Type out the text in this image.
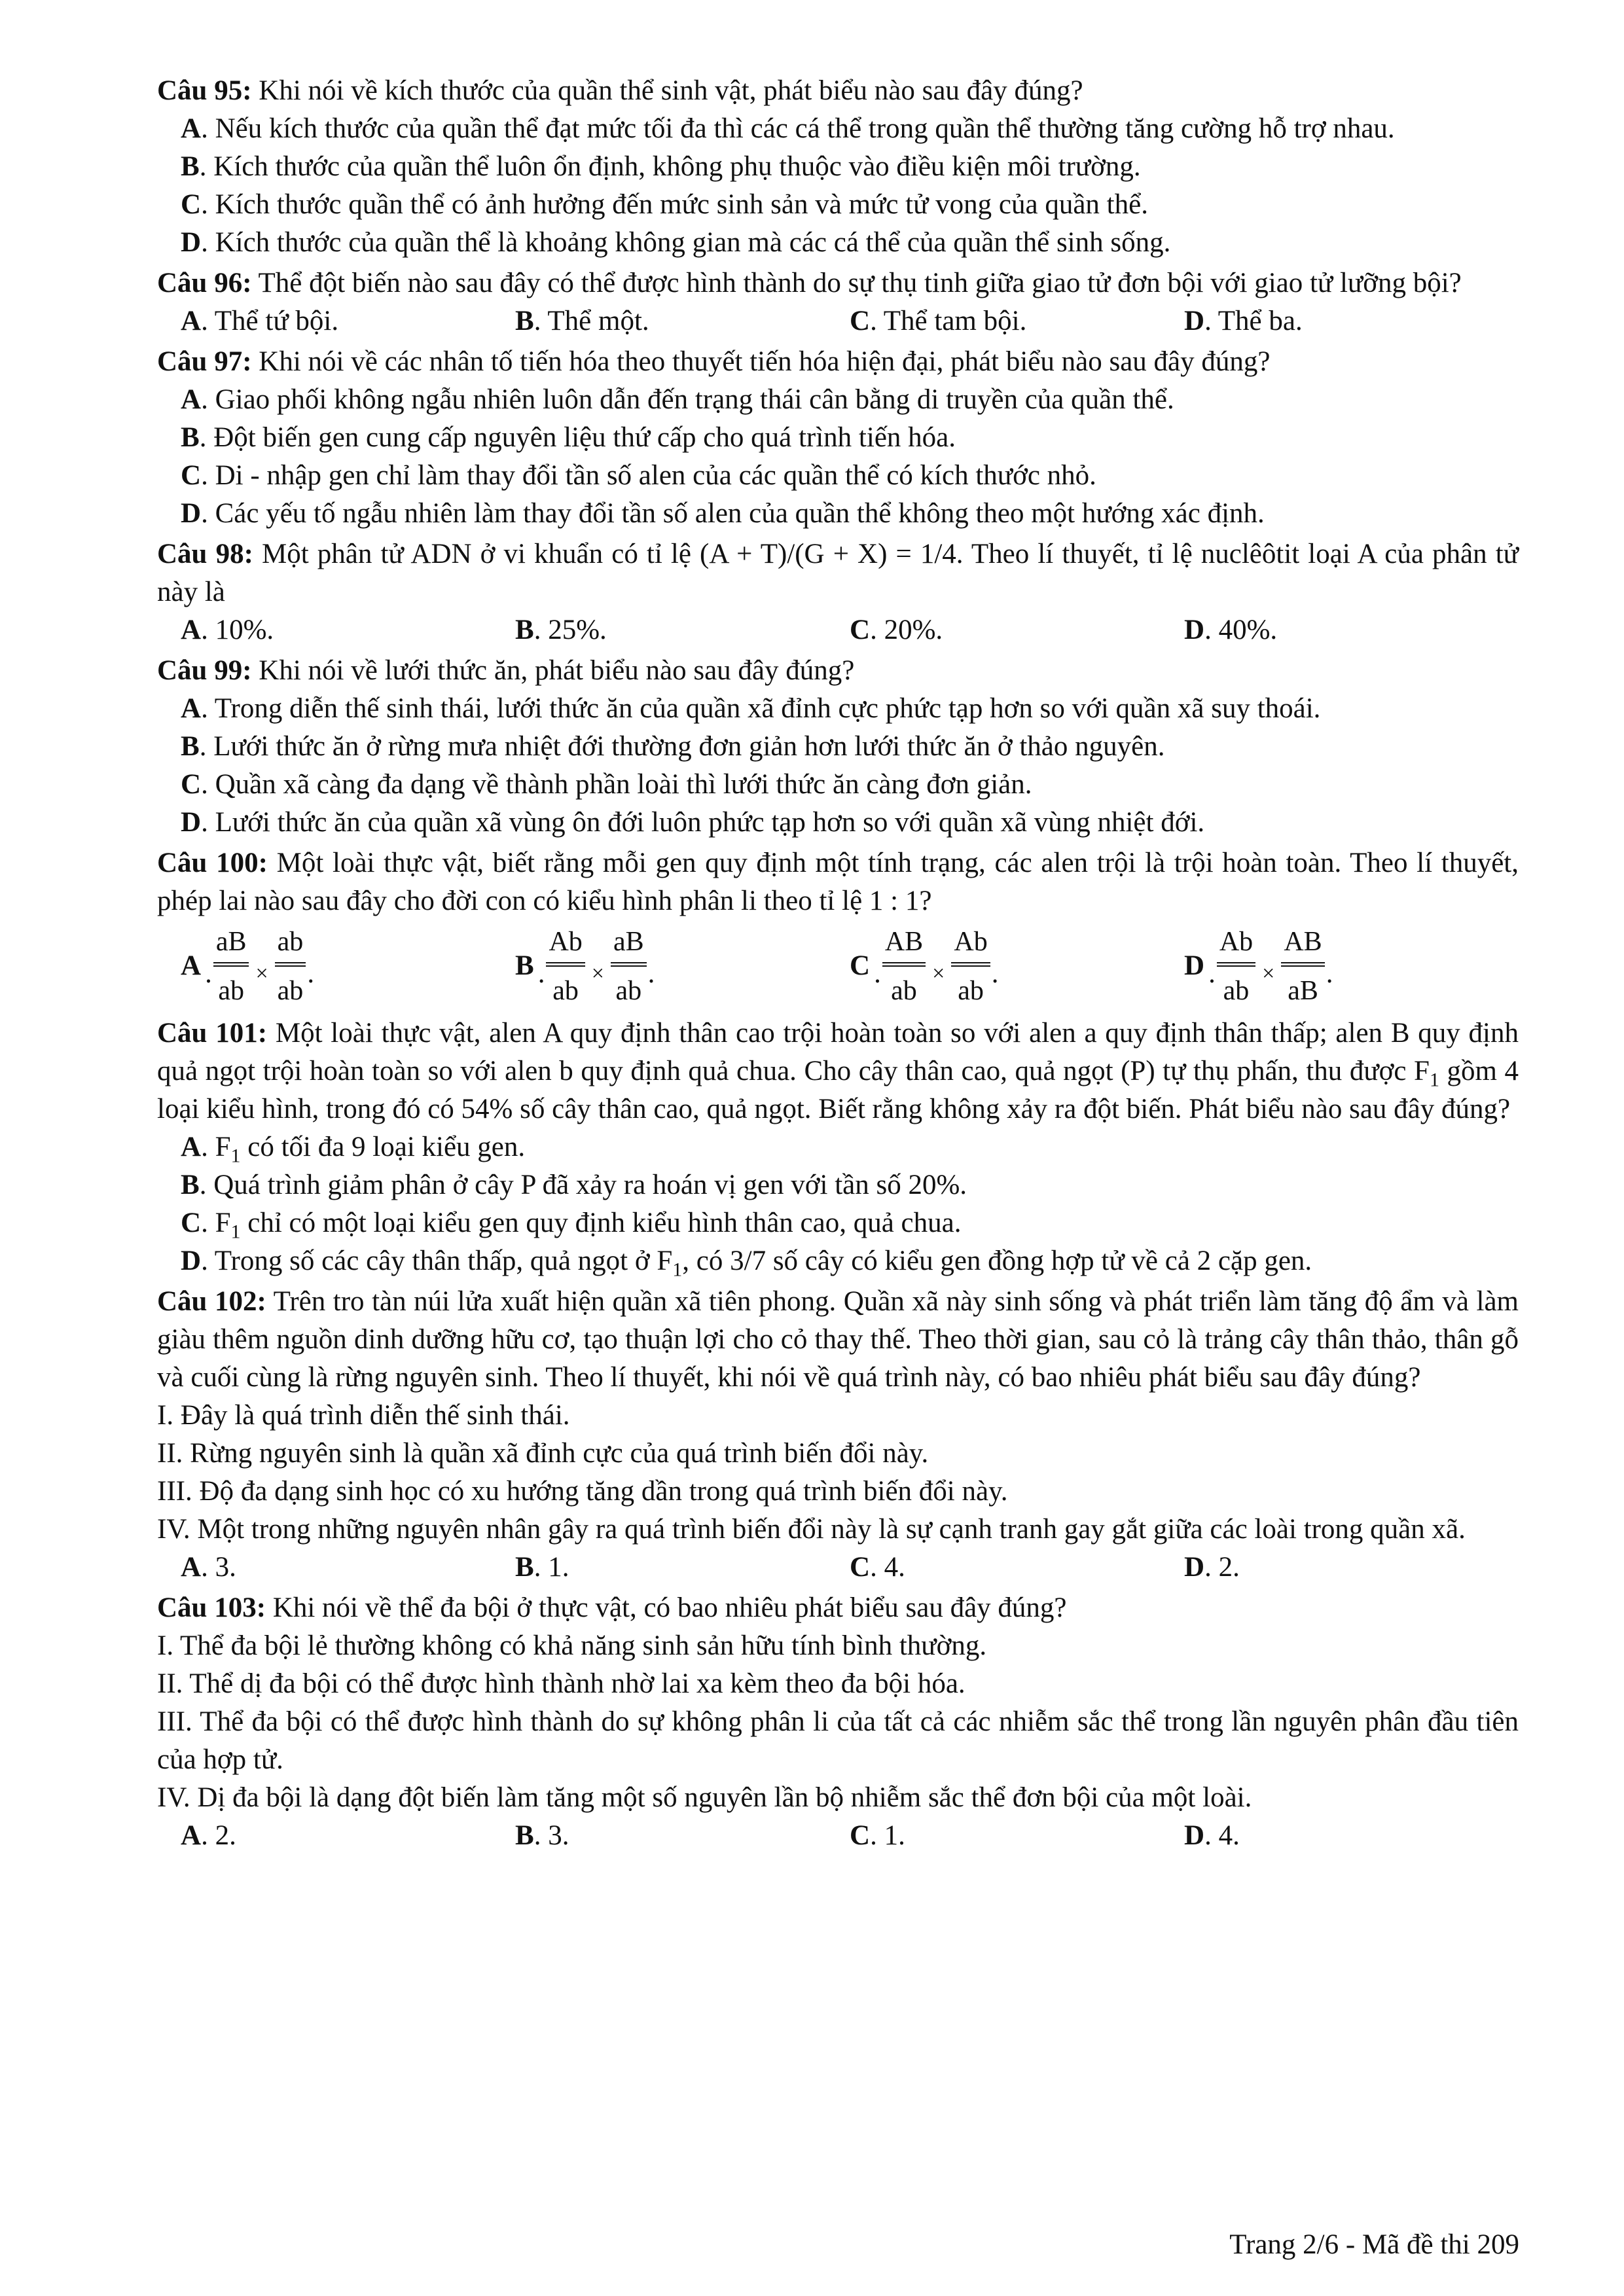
Câu 95: Khi nói về kích thước của quần thể sinh vật, phát biểu nào sau đây đúng?
A. Nếu kích thước của quần thể đạt mức tối đa thì các cá thể trong quần thể thường tăng cường hỗ trợ nhau.
B. Kích thước của quần thể luôn ổn định, không phụ thuộc vào điều kiện môi trường.
C. Kích thước quần thể có ảnh hưởng đến mức sinh sản và mức tử vong của quần thể.
D. Kích thước của quần thể là khoảng không gian mà các cá thể của quần thể sinh sống.
Câu 96: Thể đột biến nào sau đây có thể được hình thành do sự thụ tinh giữa giao tử đơn bội với giao tử lưỡng bội?
A. Thể tứ bội.	B. Thể một.	C. Thể tam bội.	D. Thể ba.
Câu 97: Khi nói về các nhân tố tiến hóa theo thuyết tiến hóa hiện đại, phát biểu nào sau đây đúng?
A. Giao phối không ngẫu nhiên luôn dẫn đến trạng thái cân bằng di truyền của quần thể.
B. Đột biến gen cung cấp nguyên liệu thứ cấp cho quá trình tiến hóa.
C. Di - nhập gen chỉ làm thay đổi tần số alen của các quần thể có kích thước nhỏ.
D. Các yếu tố ngẫu nhiên làm thay đổi tần số alen của quần thể không theo một hướng xác định.
Câu 98: Một phân tử ADN ở vi khuẩn có tỉ lệ (A + T)/(G + X) = 1/4. Theo lí thuyết, tỉ lệ nuclêôtit loại A của phân tử này là
A. 10%.	B. 25%.	C. 20%.	D. 40%.
Câu 99: Khi nói về lưới thức ăn, phát biểu nào sau đây đúng?
A. Trong diễn thế sinh thái, lưới thức ăn của quần xã đỉnh cực phức tạp hơn so với quần xã suy thoái.
B. Lưới thức ăn ở rừng mưa nhiệt đới thường đơn giản hơn lưới thức ăn ở thảo nguyên.
C. Quần xã càng đa dạng về thành phần loài thì lưới thức ăn càng đơn giản.
D. Lưới thức ăn của quần xã vùng ôn đới luôn phức tạp hơn so với quần xã vùng nhiệt đới.
Câu 100: Một loài thực vật, biết rằng mỗi gen quy định một tính trạng, các alen trội là trội hoàn toàn. Theo lí thuyết, phép lai nào sau đây cho đời con có kiểu hình phân li theo tỉ lệ 1 : 1?
A .
aB
ab
×
ab
ab
.	B .
Ab
ab
×
aB
ab
.	C .
AB
ab
×
Ab
ab
.	D .
Ab
ab
×
AB
aB
.
Câu 101: Một loài thực vật, alen A quy định thân cao trội hoàn toàn so với alen a quy định thân thấp; alen B quy định quả ngọt trội hoàn toàn so với alen b quy định quả chua. Cho cây thân cao, quả ngọt (P) tự thụ phấn, thu được $F_1$ gồm 4 loại kiểu hình, trong đó có 54% số cây thân cao, quả ngọt. Biết rằng không xảy ra đột biến. Phát biểu nào sau đây đúng?
A. $F_1$ có tối đa 9 loại kiểu gen.
B. Quá trình giảm phân ở cây P đã xảy ra hoán vị gen với tần số 20%.
C. $F_1$ chỉ có một loại kiểu gen quy định kiểu hình thân cao, quả chua.
D. Trong số các cây thân thấp, quả ngọt ở $F_1$, có 3/7 số cây có kiểu gen đồng hợp tử về cả 2 cặp gen.
Câu 102: Trên tro tàn núi lửa xuất hiện quần xã tiên phong. Quần xã này sinh sống và phát triển làm tăng độ ẩm và làm giàu thêm nguồn dinh dưỡng hữu cơ, tạo thuận lợi cho cỏ thay thế. Theo thời gian, sau cỏ là trảng cây thân thảo, thân gỗ và cuối cùng là rừng nguyên sinh. Theo lí thuyết, khi nói về quá trình này, có bao nhiêu phát biểu sau đây đúng?
I. Đây là quá trình diễn thế sinh thái.
II. Rừng nguyên sinh là quần xã đỉnh cực của quá trình biến đổi này.
III. Độ đa dạng sinh học có xu hướng tăng dần trong quá trình biến đổi này.
IV. Một trong những nguyên nhân gây ra quá trình biến đổi này là sự cạnh tranh gay gắt giữa các loài trong quần xã.
A. 3.	B. 1.	C. 4.	D. 2.
Câu 103: Khi nói về thể đa bội ở thực vật, có bao nhiêu phát biểu sau đây đúng?
I. Thể đa bội lẻ thường không có khả năng sinh sản hữu tính bình thường.
II. Thể dị đa bội có thể được hình thành nhờ lai xa kèm theo đa bội hóa.
III. Thể đa bội có thể được hình thành do sự không phân li của tất cả các nhiễm sắc thể trong lần nguyên phân đầu tiên của hợp tử.
IV. Dị đa bội là dạng đột biến làm tăng một số nguyên lần bộ nhiễm sắc thể đơn bội của một loài.
A. 2.	B. 3.	C. 1.	D. 4.
Trang 2/6 - Mã đề thi 209
